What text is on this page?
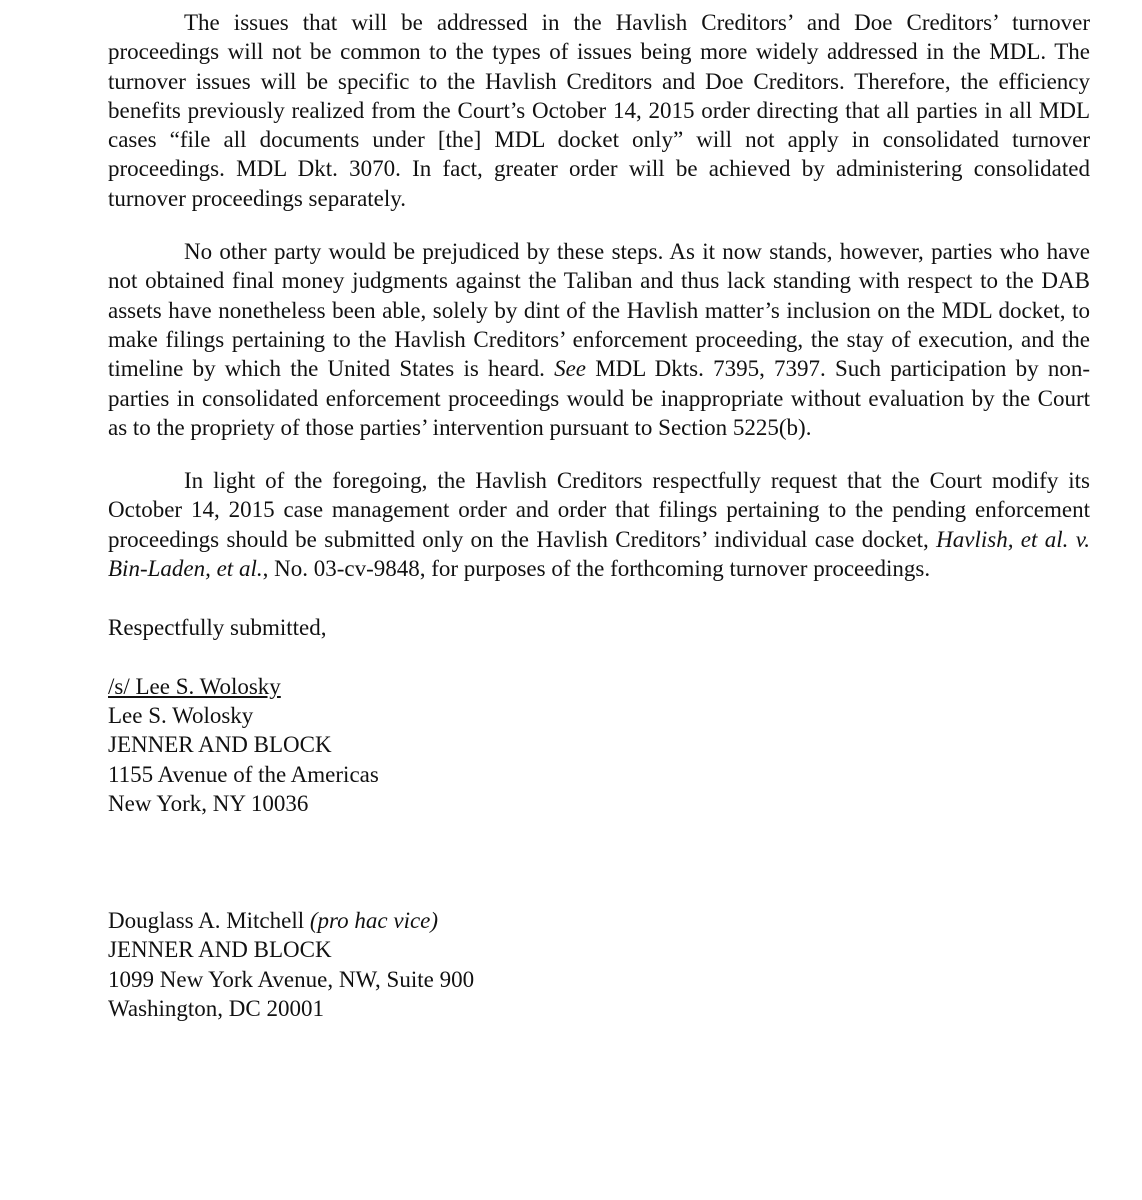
The issues that will be addressed in the Havlish Creditors’ and Doe Creditors’ turnover proceedings will not be common to the types of issues being more widely addressed in the MDL. The turnover issues will be specific to the Havlish Creditors and Doe Creditors. Therefore, the efficiency benefits previously realized from the Court’s October 14, 2015 order directing that all parties in all MDL cases “file all documents under [the] MDL docket only” will not apply in consolidated turnover proceedings. MDL Dkt. 3070. In fact, greater order will be achieved by administering consolidated turnover proceedings separately.

No other party would be prejudiced by these steps. As it now stands, however, parties who have not obtained final money judgments against the Taliban and thus lack standing with respect to the DAB assets have nonetheless been able, solely by dint of the Havlish matter’s inclusion on the MDL docket, to make filings pertaining to the Havlish Creditors’ enforcement proceeding, the stay of execution, and the timeline by which the United States is heard. See MDL Dkts. 7395, 7397. Such participation by non-parties in consolidated enforcement proceedings would be inappropriate without evaluation by the Court as to the propriety of those parties’ intervention pursuant to Section 5225(b).

In light of the foregoing, the Havlish Creditors respectfully request that the Court modify its October 14, 2015 case management order and order that filings pertaining to the pending enforcement proceedings should be submitted only on the Havlish Creditors’ individual case docket, Havlish, et al. v. Bin-Laden, et al., No. 03-cv-9848, for purposes of the forthcoming turnover proceedings.

Respectfully submitted,

/s/ Lee S. Wolosky
Lee S. Wolosky
JENNER AND BLOCK
1155 Avenue of the Americas
New York, NY 10036
Douglass A. Mitchell (pro hac vice)
JENNER AND BLOCK
1099 New York Avenue, NW, Suite 900
Washington, DC 20001
